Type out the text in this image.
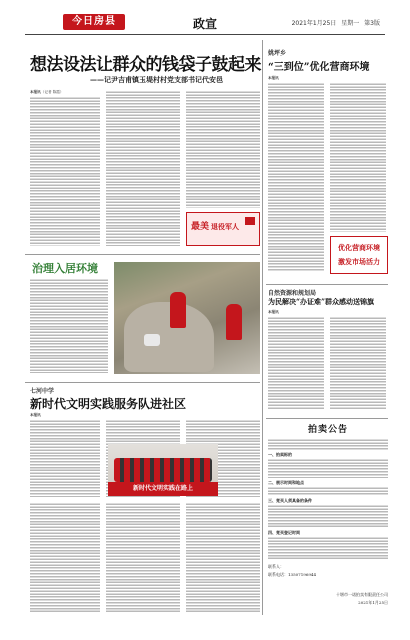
今日房县	政宣	2021年1月25日 星期一 第3版
想法设法让群众的钱袋子鼓起来
——记尹吉甫镇玉堤村村党支部书记代安邑
本报讯（记者 陈霞）
最美 退役军人
治理入居环境
七河中学
新时代文明实践服务队进社区
本报讯
新时代文明实践在路上
姚坪乡
“三到位”优化营商环境
本报讯
优化营商环境
激发市场活力
自然资源和规划局
为民解决“办证难”群众感动送锦旗
本报讯
拍卖公告
一、拍卖标的
二、展示时间和地点
三、竞买人须具备的条件
四、竞买登记时间
联系人：
联系电话：13507196944
十堰市一诺拍卖有限责任公司
2021年1月25日
